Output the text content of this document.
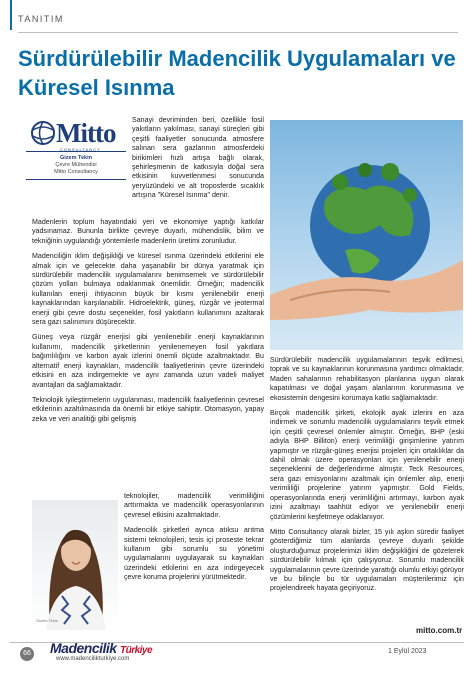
TANITIM
Sürdürülebilir Madencilik Uygulamaları ve Küresel Isınma
Mitto
CONSULTANCY
Gizem Tekin
Çevre Mühendisi
Mitto Consultancy

Sanayi devriminden beri, özellikle fosil yakıtların yakılması, sanayi süreçleri gibi çeşitli faaliyetler sonucunda atmosfere salınan sera gazlarının atmosferdeki birikimleri hızlı artışa bağlı olarak, şehirleşmenin de katkısıyla doğal sera etkisinin kuvvetlenmesi sonucunda yeryüzündeki ve alt troposferde sıcaklık artışına "Küresel Isınma" denir.

Madenlerin toplum hayatındaki yeri ve ekonomiye yaptığı katkılar yadsınamaz. Bununla birlikte çevreye duyarlı, mühendislik, bilim ve tekniğinin uygulandığı yöntemlerle madenlerin üretimi zorunludur.

Madenciliğin iklim değişikliği ve küresel ısınma üzerindeki etkilerini ele almak için ve gelecekte daha yaşanabilir bir dünya yaratmak için sürdürülebilir madencilik uygulamalarını benimsemek ve sürdürülebilir çözüm yolları bulmaya odaklanmak önemlidir. Örneğin; madencilik kullanılan enerji ihtiyacının büyük bir kısmı yenilenebilir enerji kaynaklarından karşılanabilir. Hidroelektrik, güneş, rüzgâr ve jeotermal enerji gibi çevre dostu seçenekler, fosil yakıtların kullanımını azaltarak sera gazı salınımını düşürecektir.

Güneş veya rüzgâr enerjisi gibi yenilenebilir enerji kaynaklarının kullanımı, madencilik şirketlerinin yenilenemeyen fosil yakıtlara bağımlılığını ve karbon ayak izlerini önemli ölçüde azaltmaktadır. Bu alternatif enerji kaynakları, madencilik faaliyetlerinin çevre üzerindeki etkisini en aza indirgemekte ve aynı zamanda uzun vadeli maliyet avantajları da sağlamaktadır.

Teknolojik iyileştirmelerin uygulanması, madencilik faaliyetlerinin çevresel etkilerinin azaltılmasında da önemli bir etkiye sahiptir. Otomasyon, yapay zeka ve veri analitiği gibi gelişmiş

Gizem Tekin

teknolojiler, madencilik verimliliğini arttırmakta ve madencilik operasyonlarının çevresel etkisini azaltmaktadır.

Madencilik şirketleri aynca atıksu arıtma sistemi teknolojileri, tesis içi proseste tekrar kullanım gibi sorumlu su yönetimi uygulamalarını uygulayarak su kaynakları üzerindeki etkilerini en aza indirgeyecek çevre koruma projelerini yürütmektedir.

Sürdürülebilir madencilik uygulamalarının teşvik edilmesi, toprak ve su kaynaklarının korunmasına yardımcı olmaktadır. Maden sahalarının rehabilitasyon planlarına uygun olarak kapatılması ve doğal yaşam alanlarının korunmasına ve ekosistemin dengesini korumaya katkı sağlamaktadır.

Birçok madencilik şirketi, ekolojik ayak izlerini en aza indirmek ve sorumlu madencilik uygulamalarını teşvik etmek için çeşitli çevresel önlemler almıştır. Örneğin, BHP (eski adıyla BHP Billiton) enerji verimliliği girişimlerine yatırım yapmıştır ve rüzgâr-güneş enerjisi projeleri için ortaklıklar da dahil olmak üzere operasyonları için yenilenebilir enerji seçeneklerini de değerlendirme almıştır. Teck Resources, sera gazı emisyonlarını azaltmak için önlemler alıp, enerji verimliliği projelerine yatırım yapmıştır. Gold Fields, operasyonlarında enerji verimliliğini artırmayı, karbon ayak izini azaltmayı taahhüt ediyor ve yenilenebilir enerji çözümlerini keşfetmeye odaklanıyor.

Mitto Consultancy olarak bizler, 15 yılı aşkın süredir faaliyet gösterdiğimiz tüm alanlarda çevreye duyarlı şekilde oluşturduğumuz projelerimizi iklim değişikliğini de gözeterek sürdürülebilir kılmak için çalışıyoruz. Sorumlu madencilik uygulamalarının çevre üzerinde yarattığı olumlu etkiyi görüyor ve bu bilinçle bu tür uygulamaları müşterilerimiz için projelendireek hayata geçiriyoruz.

mitto.com.tr
66 Madencilik Türkiye
www.madencilikturkiye.com
1 Eylül 2023
